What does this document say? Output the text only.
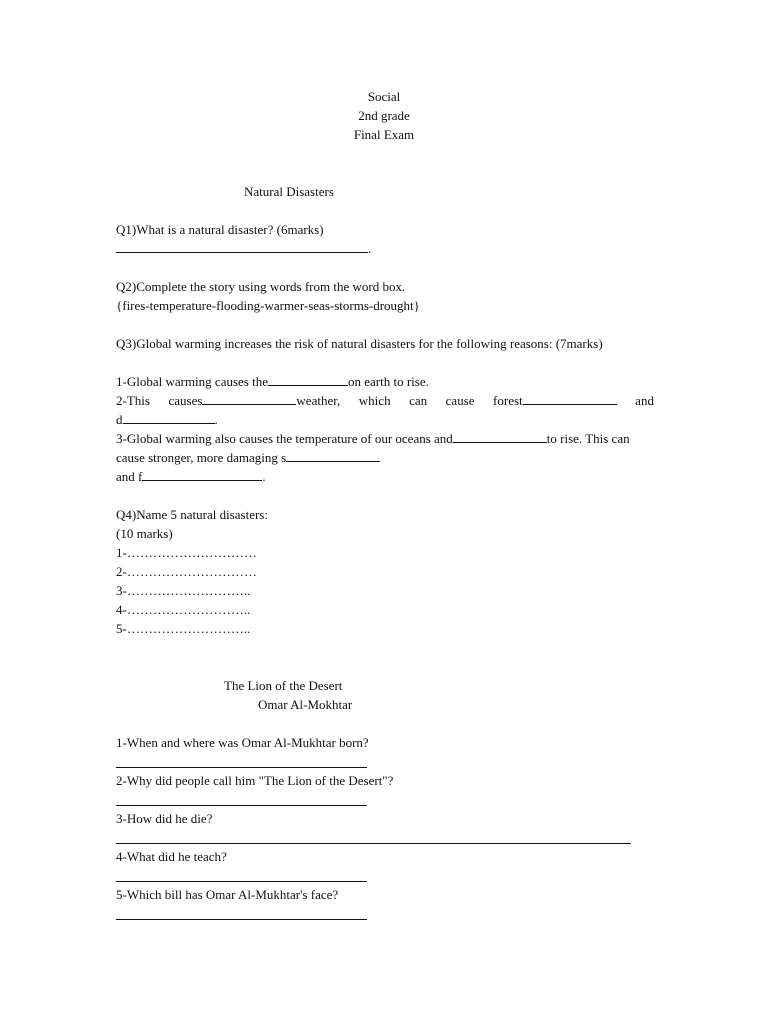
Social
2nd grade
Final Exam
Natural Disasters
Q1)What is a natural disaster? (6marks)
.
Q2)Complete the story using words from the word box.
{fires-temperature-flooding-warmer-seas-storms-drought}
Q3)Global warming increases the risk of natural disasters for the following reasons: (7marks)
1-Global warming causes the	on earth to rise.
2-This causes	weather, which can cause forest	and
d	.
3-Global warming also causes the temperature of our oceans and	to rise. This can
cause stronger, more damaging s
and f	.
Q4)Name 5 natural disasters:
(10 marks)
1-…………………………
2-…………………………
3-………………………..
4-………………………..
5-………………………..
The Lion of the Desert
Omar Al-Mokhtar
1-When and where was Omar Al-Mukhtar born?
2-Why did people call him "The Lion of the Desert"?
3-How did he die?
4-What did he teach?
5-Which bill has Omar Al-Mukhtar's face?
